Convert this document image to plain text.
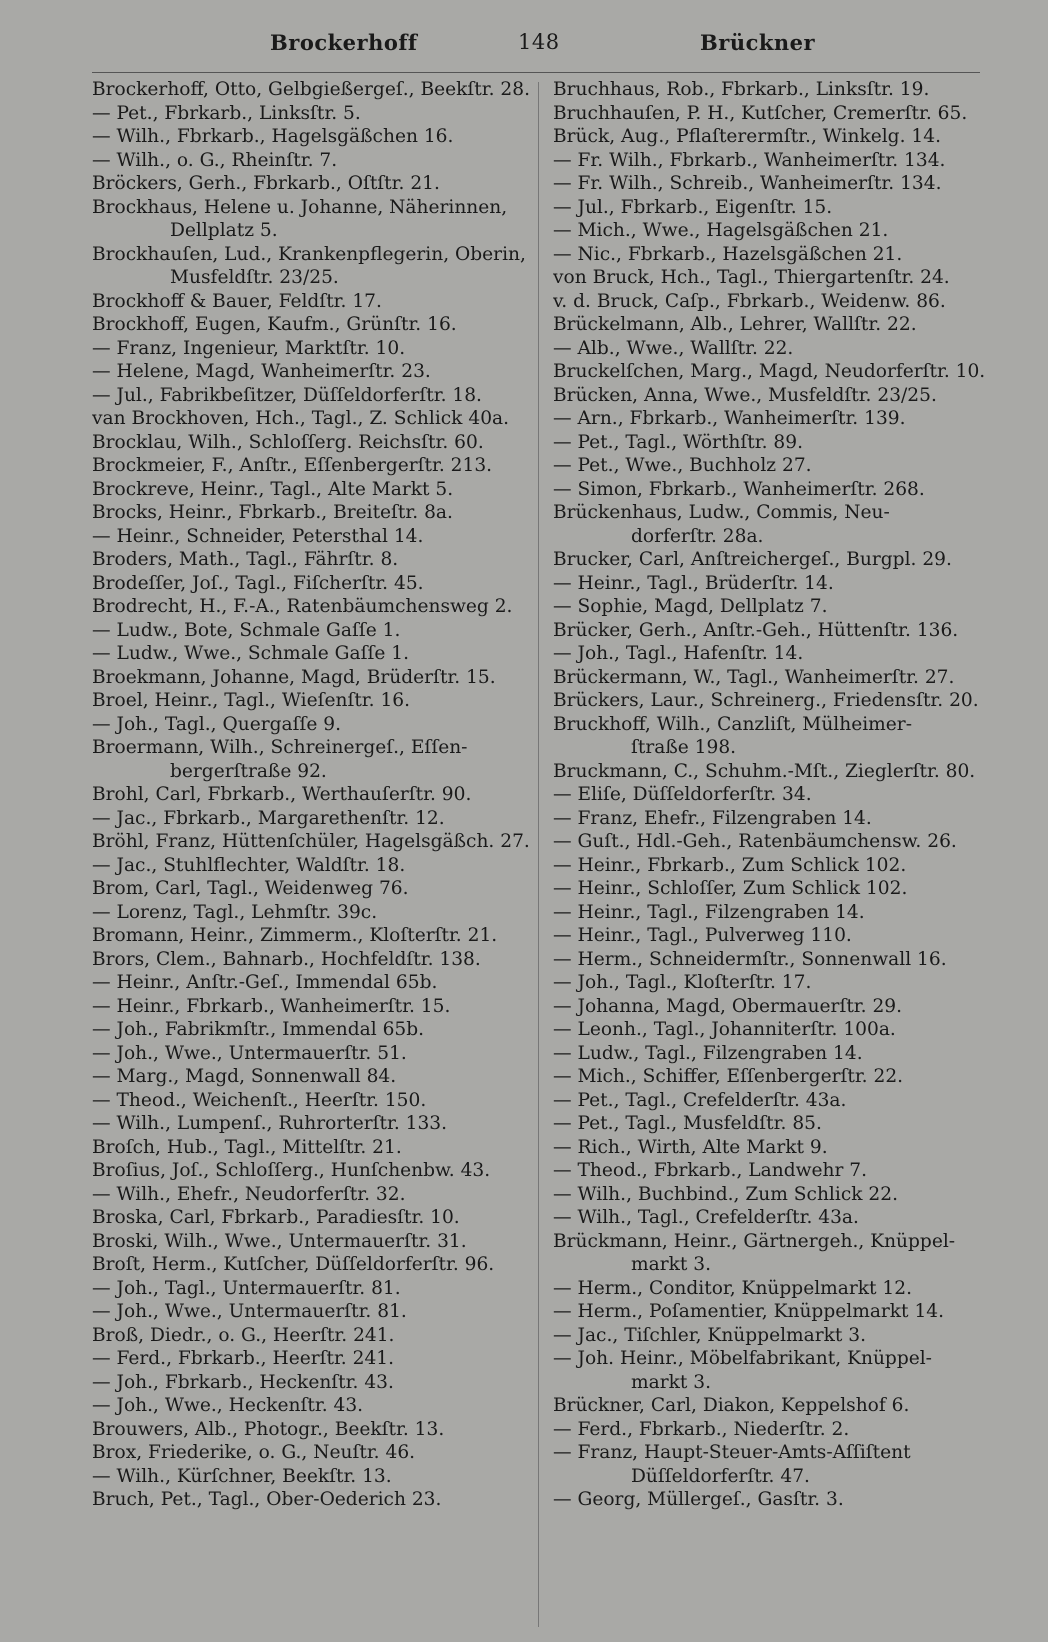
Brockerhoff	148	Brückner
Brockerhoff, Otto, Gelbgießergeſ., Beekſtr. 28.
— Pet., Fbrkarb., Linksſtr. 5.
— Wilh., Fbrkarb., Hagelsgäßchen 16.
— Wilh., o. G., Rheinſtr. 7.
Bröckers, Gerh., Fbrkarb., Oſtſtr. 21.
Brockhaus, Helene u. Johanne, Näherinnen,
Dellplatz 5.
Brockhauſen, Lud., Krankenpflegerin, Oberin,
Musfeldſtr. 23/25.
Brockhoff & Bauer, Feldſtr. 17.
Brockhoff, Eugen, Kaufm., Grünſtr. 16.
— Franz, Ingenieur, Marktſtr. 10.
— Helene, Magd, Wanheimerſtr. 23.
— Jul., Fabrikbeſitzer, Düſſeldorferſtr. 18.
van Brockhoven, Hch., Tagl., Z. Schlick 40a.
Brocklau, Wilh., Schloſſerg. Reichsſtr. 60.
Brockmeier, F., Anſtr., Eſſenbergerſtr. 213.
Brockreve, Heinr., Tagl., Alte Markt 5.
Brocks, Heinr., Fbrkarb., Breiteſtr. 8a.
— Heinr., Schneider, Petersthal 14.
Broders, Math., Tagl., Fährſtr. 8.
Brodeſſer, Joſ., Tagl., Fiſcherſtr. 45.
Brodrecht, H., F.-A., Ratenbäumchensweg 2.
— Ludw., Bote, Schmale Gaſſe 1.
— Ludw., Wwe., Schmale Gaſſe 1.
Broekmann, Johanne, Magd, Brüderſtr. 15.
Broel, Heinr., Tagl., Wieſenſtr. 16.
— Joh., Tagl., Quergaſſe 9.
Broermann, Wilh., Schreinergeſ., Eſſen-
bergerſtraße 92.
Brohl, Carl, Fbrkarb., Werthauſerſtr. 90.
— Jac., Fbrkarb., Margarethenſtr. 12.
Bröhl, Franz, Hüttenſchüler, Hagelsgäßch. 27.
— Jac., Stuhlflechter, Waldſtr. 18.
Brom, Carl, Tagl., Weidenweg 76.
— Lorenz, Tagl., Lehmſtr. 39c.
Bromann, Heinr., Zimmerm., Kloſterſtr. 21.
Brors, Clem., Bahnarb., Hochfeldſtr. 138.
— Heinr., Anſtr.-Geſ., Immendal 65b.
— Heinr., Fbrkarb., Wanheimerſtr. 15.
— Joh., Fabrikmſtr., Immendal 65b.
— Joh., Wwe., Untermauerſtr. 51.
— Marg., Magd, Sonnenwall 84.
— Theod., Weichenſt., Heerſtr. 150.
— Wilh., Lumpenſ., Ruhrorterſtr. 133.
Broſch, Hub., Tagl., Mittelſtr. 21.
Broſius, Joſ., Schloſſerg., Hunſchenbw. 43.
— Wilh., Ehefr., Neudorferſtr. 32.
Broska, Carl, Fbrkarb., Paradiesſtr. 10.
Broski, Wilh., Wwe., Untermauerſtr. 31.
Broſt, Herm., Kutſcher, Düſſeldorferſtr. 96.
— Joh., Tagl., Untermauerſtr. 81.
— Joh., Wwe., Untermauerſtr. 81.
Broß, Diedr., o. G., Heerſtr. 241.
— Ferd., Fbrkarb., Heerſtr. 241.
— Joh., Fbrkarb., Heckenſtr. 43.
— Joh., Wwe., Heckenſtr. 43.
Brouwers, Alb., Photogr., Beekſtr. 13.
Brox, Friederike, o. G., Neuſtr. 46.
— Wilh., Kürſchner, Beekſtr. 13.
Bruch, Pet., Tagl., Ober-Oederich 23.
Bruchhaus, Rob., Fbrkarb., Linksſtr. 19.
Bruchhauſen, P. H., Kutſcher, Cremerſtr. 65.
Brück, Aug., Pflaſterermſtr., Winkelg. 14.
— Fr. Wilh., Fbrkarb., Wanheimerſtr. 134.
— Fr. Wilh., Schreib., Wanheimerſtr. 134.
— Jul., Fbrkarb., Eigenſtr. 15.
— Mich., Wwe., Hagelsgäßchen 21.
— Nic., Fbrkarb., Hazelsgäßchen 21.
von Bruck, Hch., Tagl., Thiergartenſtr. 24.
v. d. Bruck, Caſp., Fbrkarb., Weidenw. 86.
Brückelmann, Alb., Lehrer, Wallſtr. 22.
— Alb., Wwe., Wallſtr. 22.
Bruckelſchen, Marg., Magd, Neudorferſtr. 10.
Brücken, Anna, Wwe., Musfeldſtr. 23/25.
— Arn., Fbrkarb., Wanheimerſtr. 139.
— Pet., Tagl., Wörthſtr. 89.
— Pet., Wwe., Buchholz 27.
— Simon, Fbrkarb., Wanheimerſtr. 268.
Brückenhaus, Ludw., Commis, Neu-
dorferſtr. 28a.
Brucker, Carl, Anſtreichergeſ., Burgpl. 29.
— Heinr., Tagl., Brüderſtr. 14.
— Sophie, Magd, Dellplatz 7.
Brücker, Gerh., Anſtr.-Geh., Hüttenſtr. 136.
— Joh., Tagl., Hafenſtr. 14.
Brückermann, W., Tagl., Wanheimerſtr. 27.
Brückers, Laur., Schreinerg., Friedensſtr. 20.
Bruckhoff, Wilh., Canzliſt, Mülheimer-
ſtraße 198.
Bruckmann, C., Schuhm.-Mſt., Zieglerſtr. 80.
— Eliſe, Düſſeldorferſtr. 34.
— Franz, Ehefr., Filzengraben 14.
— Guſt., Hdl.-Geh., Ratenbäumchensw. 26.
— Heinr., Fbrkarb., Zum Schlick 102.
— Heinr., Schloſſer, Zum Schlick 102.
— Heinr., Tagl., Filzengraben 14.
— Heinr., Tagl., Pulverweg 110.
— Herm., Schneidermſtr., Sonnenwall 16.
— Joh., Tagl., Kloſterſtr. 17.
— Johanna, Magd, Obermauerſtr. 29.
— Leonh., Tagl., Johanniterſtr. 100a.
— Ludw., Tagl., Filzengraben 14.
— Mich., Schiffer, Eſſenbergerſtr. 22.
— Pet., Tagl., Crefelderſtr. 43a.
— Pet., Tagl., Musfeldſtr. 85.
— Rich., Wirth, Alte Markt 9.
— Theod., Fbrkarb., Landwehr 7.
— Wilh., Buchbind., Zum Schlick 22.
— Wilh., Tagl., Crefelderſtr. 43a.
Brückmann, Heinr., Gärtnergeh., Knüppel-
markt 3.
— Herm., Conditor, Knüppelmarkt 12.
— Herm., Poſamentier, Knüppelmarkt 14.
— Jac., Tiſchler, Knüppelmarkt 3.
— Joh. Heinr., Möbelfabrikant, Knüppel-
markt 3.
Brückner, Carl, Diakon, Keppelshof 6.
— Ferd., Fbrkarb., Niederſtr. 2.
— Franz, Haupt-Steuer-Amts-Aſſiſtent
Düſſeldorferſtr. 47.
— Georg, Müllergeſ., Gasſtr. 3.
